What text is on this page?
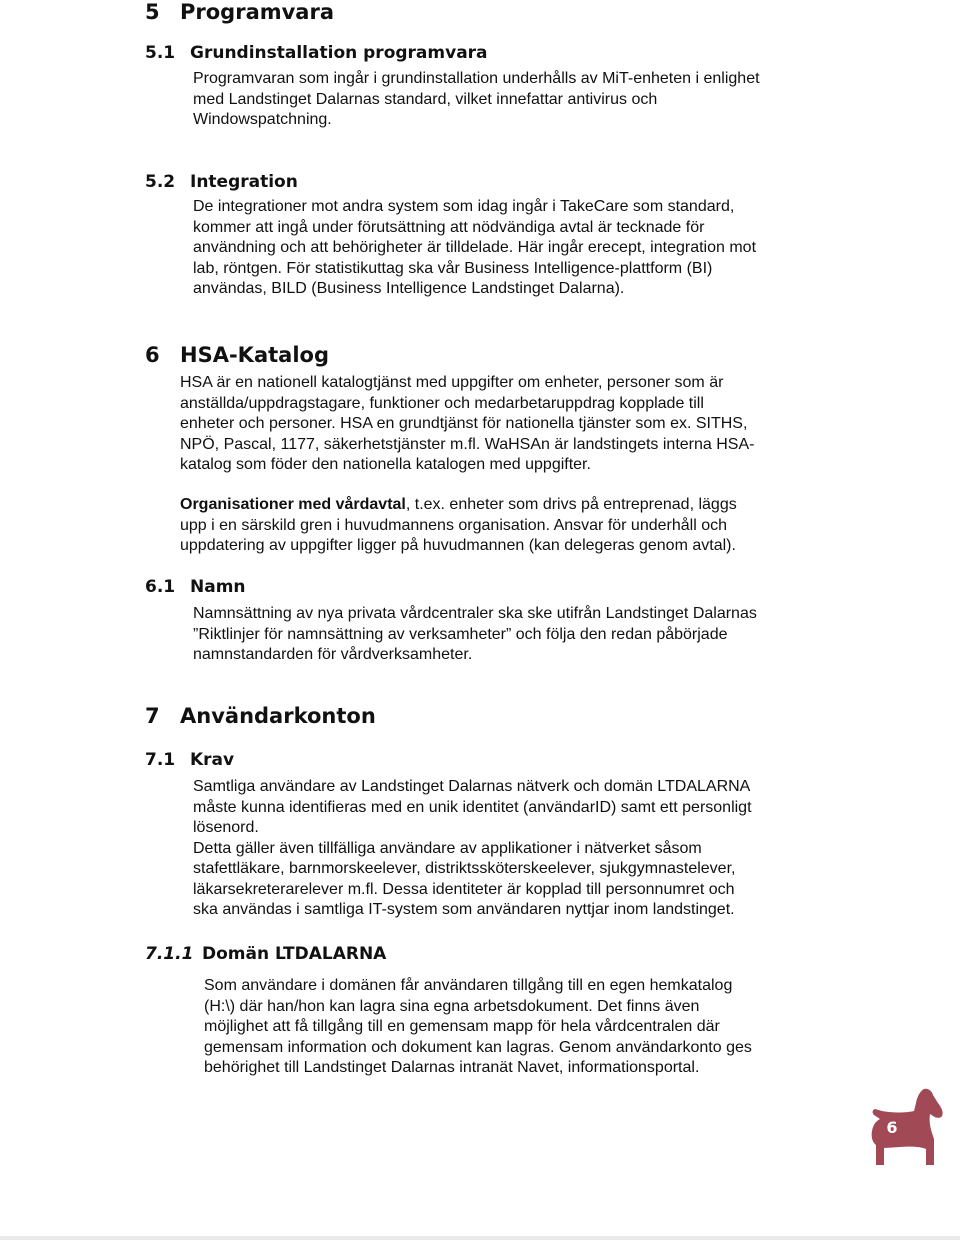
5 Programvara
5.1 Grundinstallation programvara
Programvaran som ingår i grundinstallation underhålls av MiT-enheten i enlighet
med Landstinget Dalarnas standard, vilket innefattar antivirus och
Windowspatchning.
5.2 Integration
De integrationer mot andra system som idag ingår i TakeCare som standard,
kommer att ingå under förutsättning att nödvändiga avtal är tecknade för
användning och att behörigheter är tilldelade. Här ingår erecept, integration mot
lab, röntgen. För statistikuttag ska vår Business Intelligence-plattform (BI)
användas, BILD (Business Intelligence Landstinget Dalarna).
6 HSA-Katalog
HSA är en nationell katalogtjänst med uppgifter om enheter, personer som är
anställda/uppdragstagare, funktioner och medarbetaruppdrag kopplade till
enheter och personer. HSA en grundtjänst för nationella tjänster som ex. SITHS,
NPÖ, Pascal, 1177, säkerhetstjänster m.fl. WaHSAn är landstingets interna HSA-
katalog som föder den nationella katalogen med uppgifter.
Organisationer med vårdavtal, t.ex. enheter som drivs på entreprenad, läggs
upp i en särskild gren i huvudmannens organisation. Ansvar för underhåll och
uppdatering av uppgifter ligger på huvudmannen (kan delegeras genom avtal).
6.1 Namn
Namnsättning av nya privata vårdcentraler ska ske utifrån Landstinget Dalarnas
”Riktlinjer för namnsättning av verksamheter” och följa den redan påbörjade
namnstandarden för vårdverksamheter.
7 Användarkonton
7.1 Krav
Samtliga användare av Landstinget Dalarnas nätverk och domän LTDALARNA
måste kunna identifieras med en unik identitet (användarID) samt ett personligt
lösenord.
Detta gäller även tillfälliga användare av applikationer i nätverket såsom
stafettläkare, barnmorskeelever, distriktssköterskeelever, sjukgymnastelever,
läkarsekreterarelever m.fl. Dessa identiteter är kopplad till personnumret och
ska användas i samtliga IT-system som användaren nyttjar inom landstinget.
7.1.1 Domän LTDALARNA
Som användare i domänen får användaren tillgång till en egen hemkatalog
(H:\) där han/hon kan lagra sina egna arbetsdokument. Det finns även
möjlighet att få tillgång till en gemensam mapp för hela vårdcentralen där
gemensam information och dokument kan lagras. Genom användarkonto ges
behörighet till Landstinget Dalarnas intranät Navet, informationsportal.
6
